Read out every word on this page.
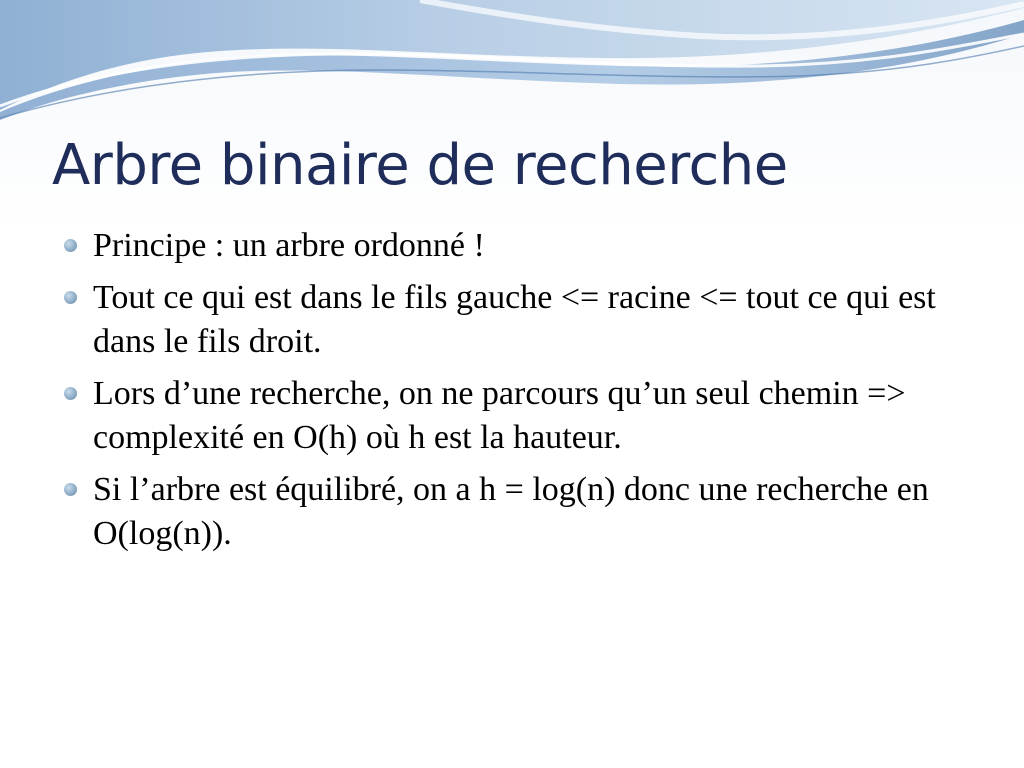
Arbre binaire de recherche
Principe : un arbre ordonné !
Tout ce qui est dans le fils gauche <= racine <= tout ce qui est dans le fils droit.
Lors d’une recherche, on ne parcours qu’un seul chemin => complexité en O(h) où h est la hauteur.
Si l’arbre est équilibré, on a h = log(n) donc une recherche en O(log(n)).
